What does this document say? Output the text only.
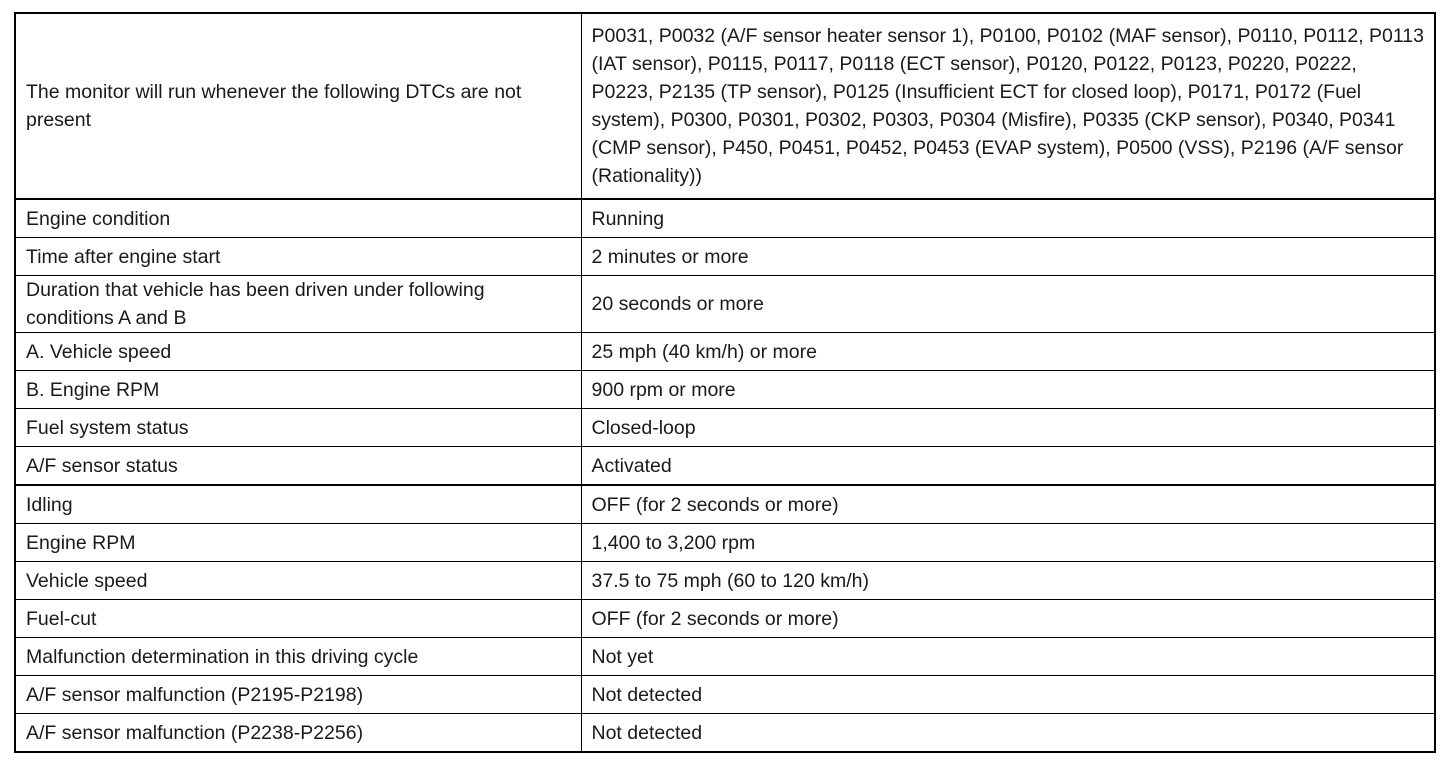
The monitor will run whenever the following DTCs are not present	P0031, P0032 (A/F sensor heater sensor 1), P0100, P0102 (MAF sensor), P0110, P0112, P0113 (IAT sensor), P0115, P0117, P0118 (ECT sensor), P0120, P0122, P0123, P0220, P0222, P0223, P2135 (TP sensor), P0125 (Insufficient ECT for closed loop), P0171, P0172 (Fuel system), P0300, P0301, P0302, P0303, P0304 (Misfire), P0335 (CKP sensor), P0340, P0341 (CMP sensor), P450, P0451, P0452, P0453 (EVAP system), P0500 (VSS), P2196 (A/F sensor (Rationality))
Engine condition	Running
Time after engine start	2 minutes or more
Duration that vehicle has been driven under following conditions A and B	20 seconds or more
A. Vehicle speed	25 mph (40 km/h) or more
B. Engine RPM	900 rpm or more
Fuel system status	Closed-loop
A/F sensor status	Activated
Idling	OFF (for 2 seconds or more)
Engine RPM	1,400 to 3,200 rpm
Vehicle speed	37.5 to 75 mph (60 to 120 km/h)
Fuel-cut	OFF (for 2 seconds or more)
Malfunction determination in this driving cycle	Not yet
A/F sensor malfunction (P2195-P2198)	Not detected
A/F sensor malfunction (P2238-P2256)	Not detected
